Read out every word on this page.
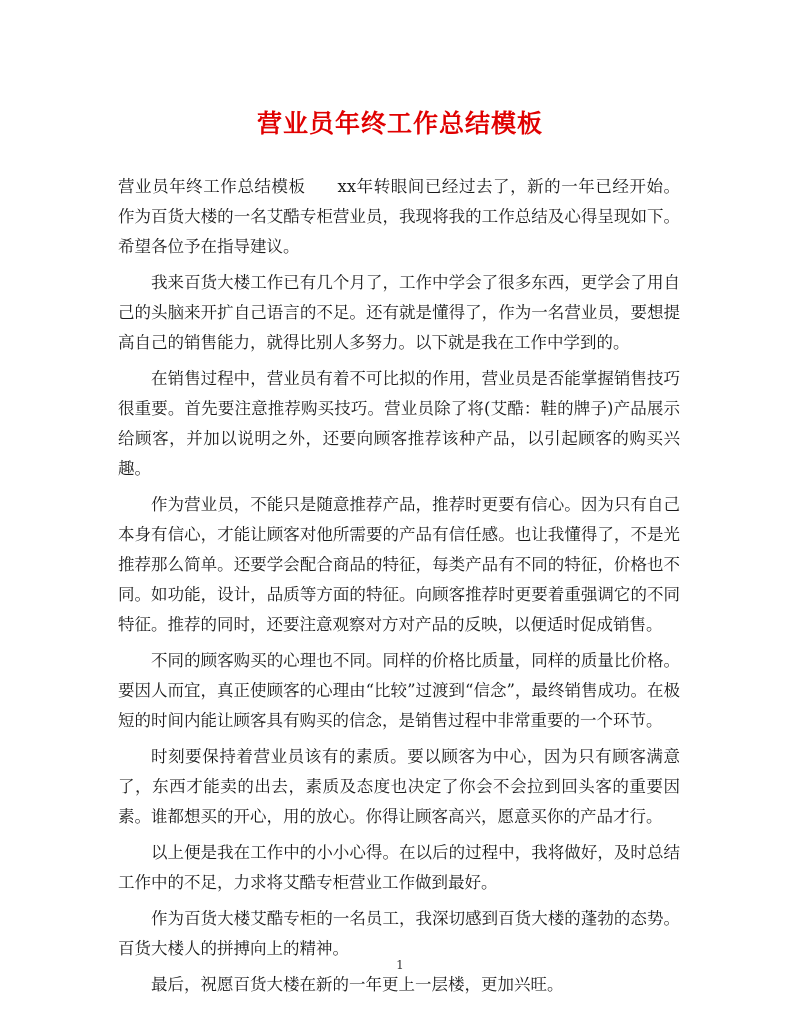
营业员年终工作总结模板

营业员年终工作总结模板 xx年转眼间已经过去了，新的一年已经开始。作为百货大楼的一名艾酷专柜营业员，我现将我的工作总结及心得呈现如下。希望各位予在指导建议。

我来百货大楼工作已有几个月了，工作中学会了很多东西，更学会了用自己的头脑来开扩自己语言的不足。还有就是懂得了，作为一名营业员，要想提高自己的销售能力，就得比别人多努力。以下就是我在工作中学到的。

在销售过程中，营业员有着不可比拟的作用，营业员是否能掌握销售技巧很重要。首先要注意推荐购买技巧。营业员除了将(艾酷：鞋的牌子)产品展示给顾客，并加以说明之外，还要向顾客推荐该种产品，以引起顾客的购买兴趣。

作为营业员，不能只是随意推荐产品，推荐时更要有信心。因为只有自己本身有信心，才能让顾客对他所需要的产品有信任感。也让我懂得了，不是光推荐那么简单。还要学会配合商品的特征，每类产品有不同的特征，价格也不同。如功能，设计，品质等方面的特征。向顾客推荐时更要着重强调它的不同特征。推荐的同时，还要注意观察对方对产品的反映，以便适时促成销售。

不同的顾客购买的心理也不同。同样的价格比质量，同样的质量比价格。要因人而宜，真正使顾客的心理由“比较”过渡到“信念”，最终销售成功。在极短的时间内能让顾客具有购买的信念，是销售过程中非常重要的一个环节。

时刻要保持着营业员该有的素质。要以顾客为中心，因为只有顾客满意了，东西才能卖的出去，素质及态度也决定了你会不会拉到回头客的重要因素。谁都想买的开心，用的放心。你得让顾客高兴，愿意买你的产品才行。

以上便是我在工作中的小小心得。在以后的过程中，我将做好，及时总结工作中的不足，力求将艾酷专柜营业工作做到最好。

作为百货大楼艾酷专柜的一名员工，我深切感到百货大楼的蓬勃的态势。百货大楼人的拼搏向上的精神。

最后，祝愿百货大楼在新的一年更上一层楼，更加兴旺。

1
